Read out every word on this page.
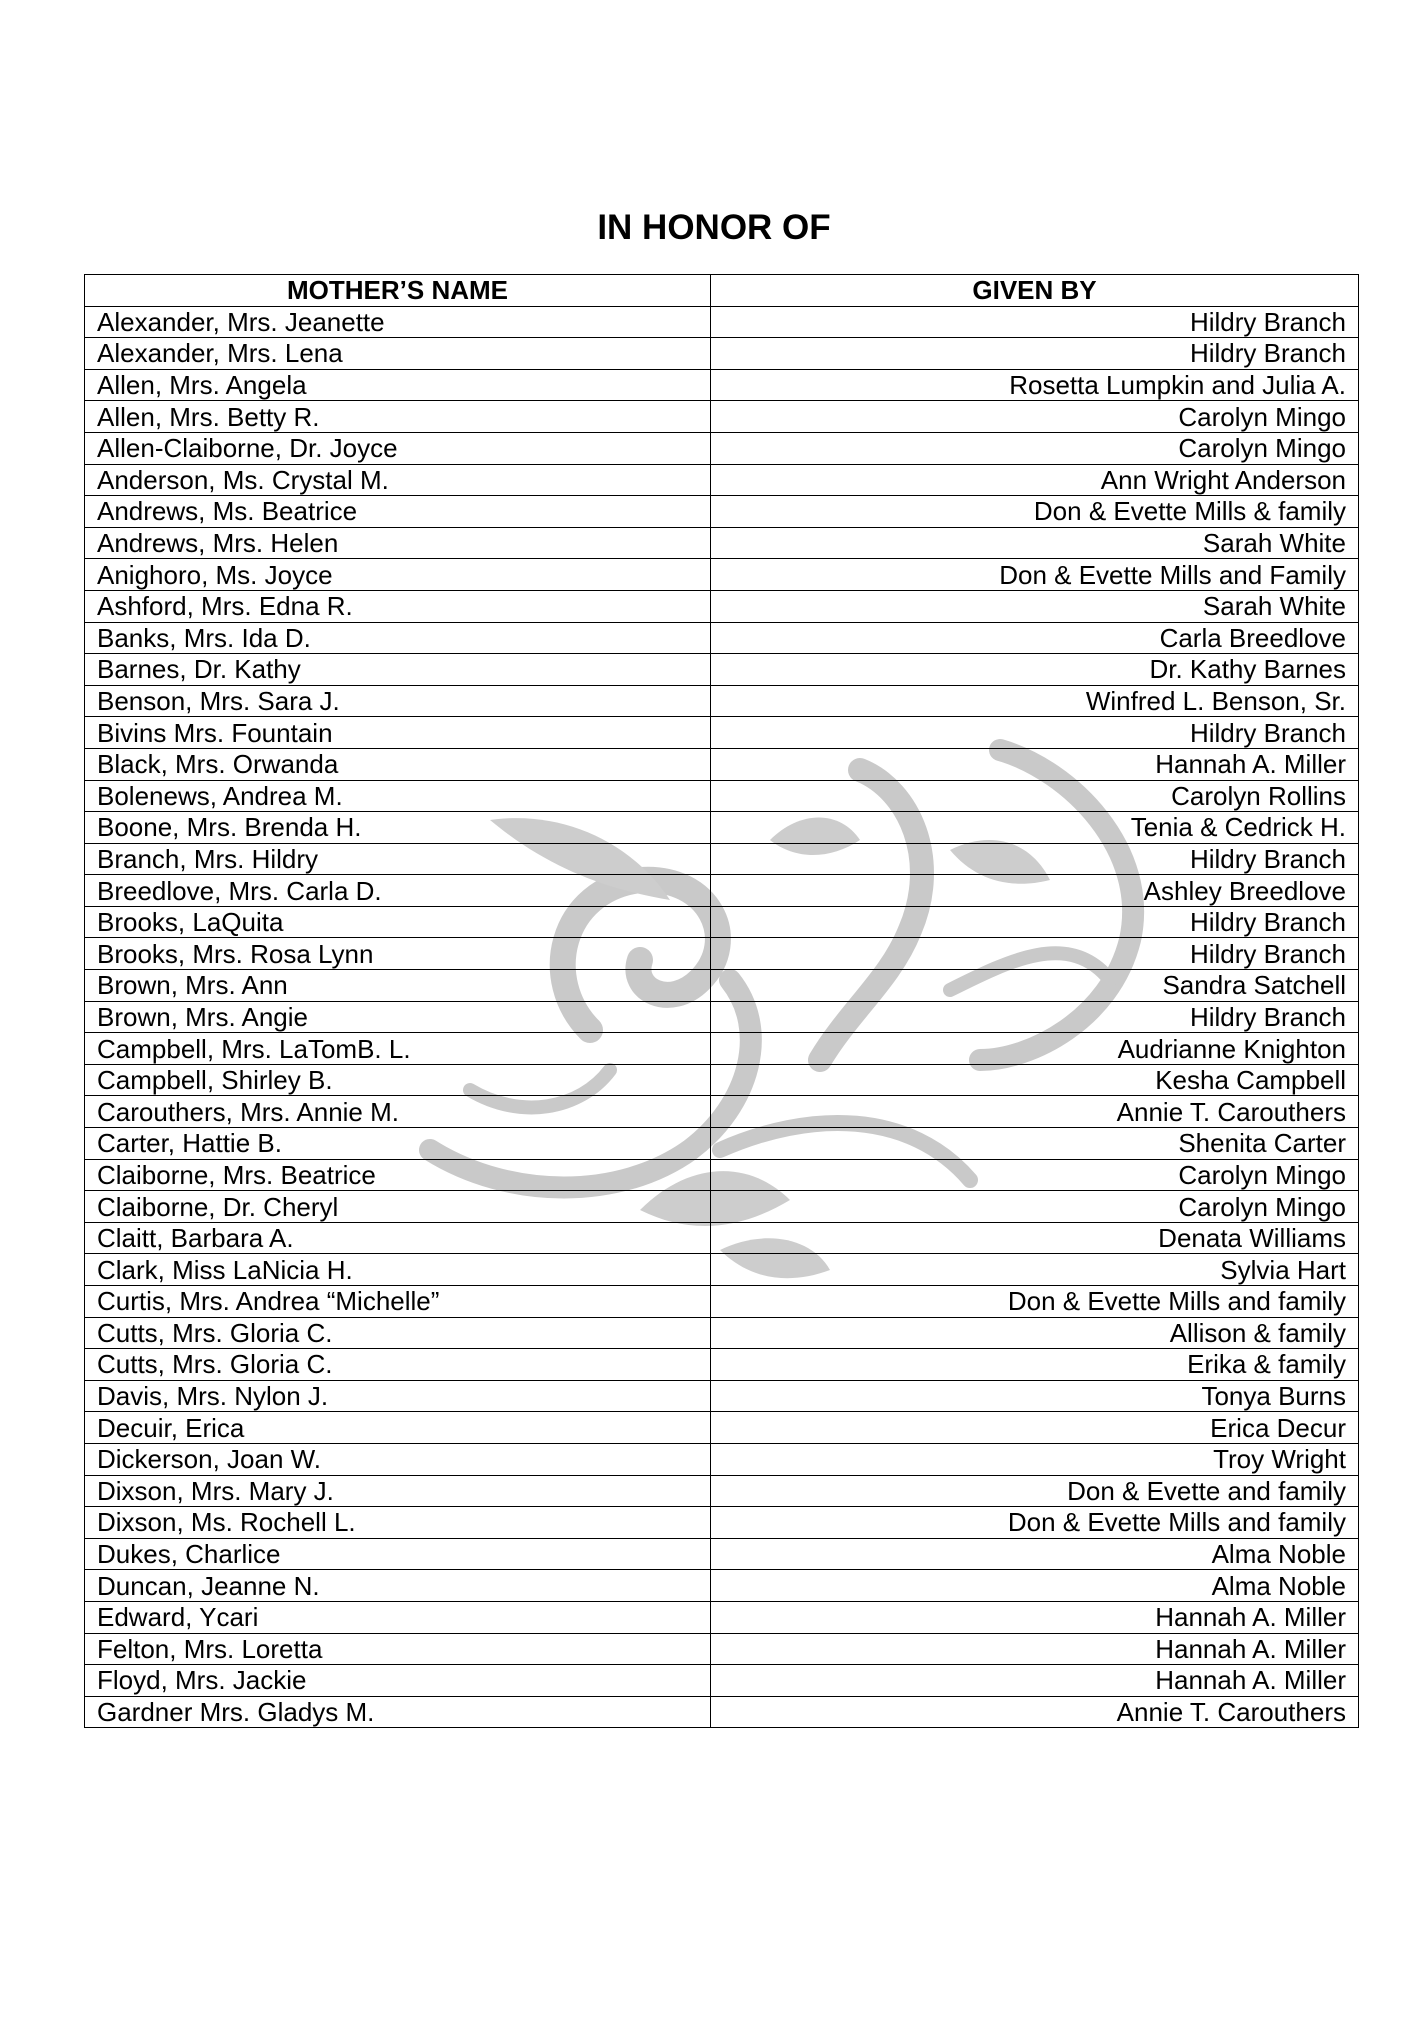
IN HONOR OF
MOTHER’S NAME	GIVEN BY
Alexander, Mrs. Jeanette	Hildry Branch
Alexander, Mrs. Lena	Hildry Branch
Allen, Mrs. Angela	Rosetta Lumpkin and Julia A.
Allen, Mrs. Betty R.	Carolyn Mingo
Allen-Claiborne, Dr. Joyce	Carolyn Mingo
Anderson, Ms. Crystal M.	Ann Wright Anderson
Andrews, Ms. Beatrice	Don & Evette Mills & family
Andrews, Mrs. Helen	Sarah White
Anighoro, Ms. Joyce	Don & Evette Mills and Family
Ashford, Mrs. Edna R.	Sarah White
Banks, Mrs. Ida D.	Carla Breedlove
Barnes, Dr. Kathy	Dr. Kathy Barnes
Benson, Mrs. Sara J.	Winfred L. Benson, Sr.
Bivins Mrs. Fountain	Hildry Branch
Black, Mrs. Orwanda	Hannah A. Miller
Bolenews, Andrea M.	Carolyn Rollins
Boone, Mrs. Brenda H.	Tenia & Cedrick H.
Branch, Mrs. Hildry	Hildry Branch
Breedlove, Mrs. Carla D.	Ashley Breedlove
Brooks, LaQuita	Hildry Branch
Brooks, Mrs. Rosa Lynn	Hildry Branch
Brown, Mrs. Ann	Sandra Satchell
Brown, Mrs. Angie	Hildry Branch
Campbell, Mrs. LaTomB. L.	Audrianne Knighton
Campbell, Shirley B.	Kesha Campbell
Carouthers, Mrs. Annie M.	Annie T. Carouthers
Carter, Hattie B.	Shenita Carter
Claiborne, Mrs. Beatrice	Carolyn Mingo
Claiborne, Dr. Cheryl	Carolyn Mingo
Claitt, Barbara A.	Denata Williams
Clark, Miss LaNicia H.	Sylvia Hart
Curtis, Mrs. Andrea “Michelle”	Don & Evette Mills and family
Cutts, Mrs. Gloria C.	Allison & family
Cutts, Mrs. Gloria C.	Erika & family
Davis, Mrs. Nylon J.	Tonya Burns
Decuir, Erica	Erica Decur
Dickerson, Joan W.	Troy Wright
Dixson, Mrs. Mary J.	Don & Evette and family
Dixson, Ms. Rochell L.	Don & Evette Mills and family
Dukes, Charlice	Alma Noble
Duncan, Jeanne N.	Alma Noble
Edward, Ycari	Hannah A. Miller
Felton, Mrs. Loretta	Hannah A. Miller
Floyd, Mrs. Jackie	Hannah A. Miller
Gardner Mrs. Gladys M.	Annie T. Carouthers
